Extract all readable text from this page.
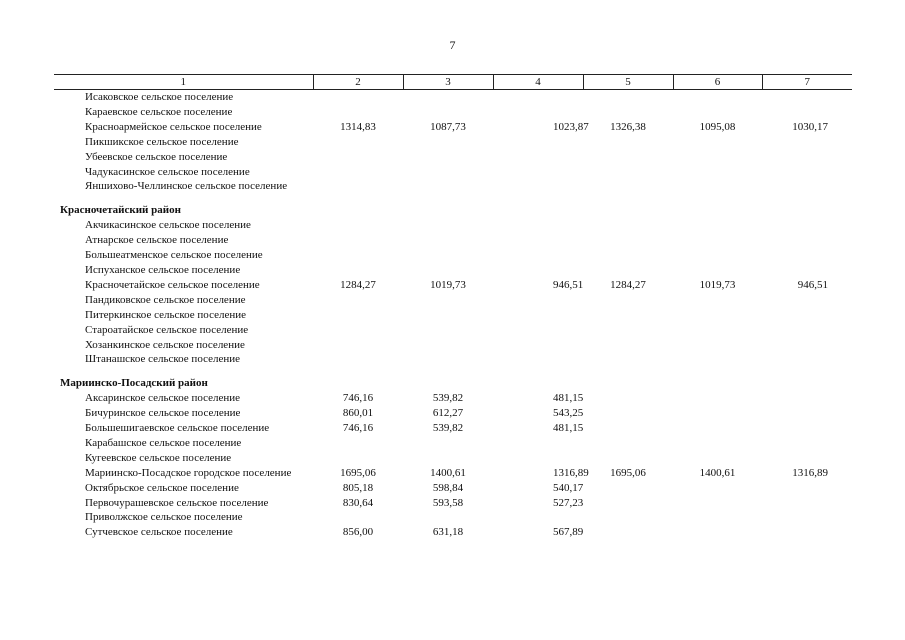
7
1	2	3	4	5	6	7
Исаковское сельское поселение						
Караевское сельское поселение						
Красноармейское сельское поселение	1314,83	1087,73	1023,87	1326,38	1095,08	1030,17
Пикшикское сельское поселение						
Убеевское сельское поселение						
Чадукасинское сельское поселение						
Яншихово-Челлинское сельское поселение						

Красночетайский район						
Акчикасинское сельское поселение						
Атнарское сельское поселение						
Большеатменское сельское поселение						
Испуханское сельское поселение						
Красночетайское сельское поселение	1284,27	1019,73	946,51	1284,27	1019,73	946,51
Пандиковское сельское поселение						
Питеркинское сельское поселение						
Староатайское сельское поселение						
Хозанкинское сельское поселение						
Штанашское сельское поселение						

Мариинско-Посадский район						
Аксаринское сельское поселение	746,16	539,82	481,15			
Бичуринское сельское поселение	860,01	612,27	543,25			
Большешигаевское сельское поселение	746,16	539,82	481,15			
Карабашское сельское поселение						
Кугеевское сельское поселение						
Мариинско-Посадское городское поселение	1695,06	1400,61	1316,89	1695,06	1400,61	1316,89
Октябрьское сельское поселение	805,18	598,84	540,17			
Первочурашевское сельское поселение	830,64	593,58	527,23			
Приволжское сельское поселение						
Сутчевское сельское поселение	856,00	631,18	567,89			
